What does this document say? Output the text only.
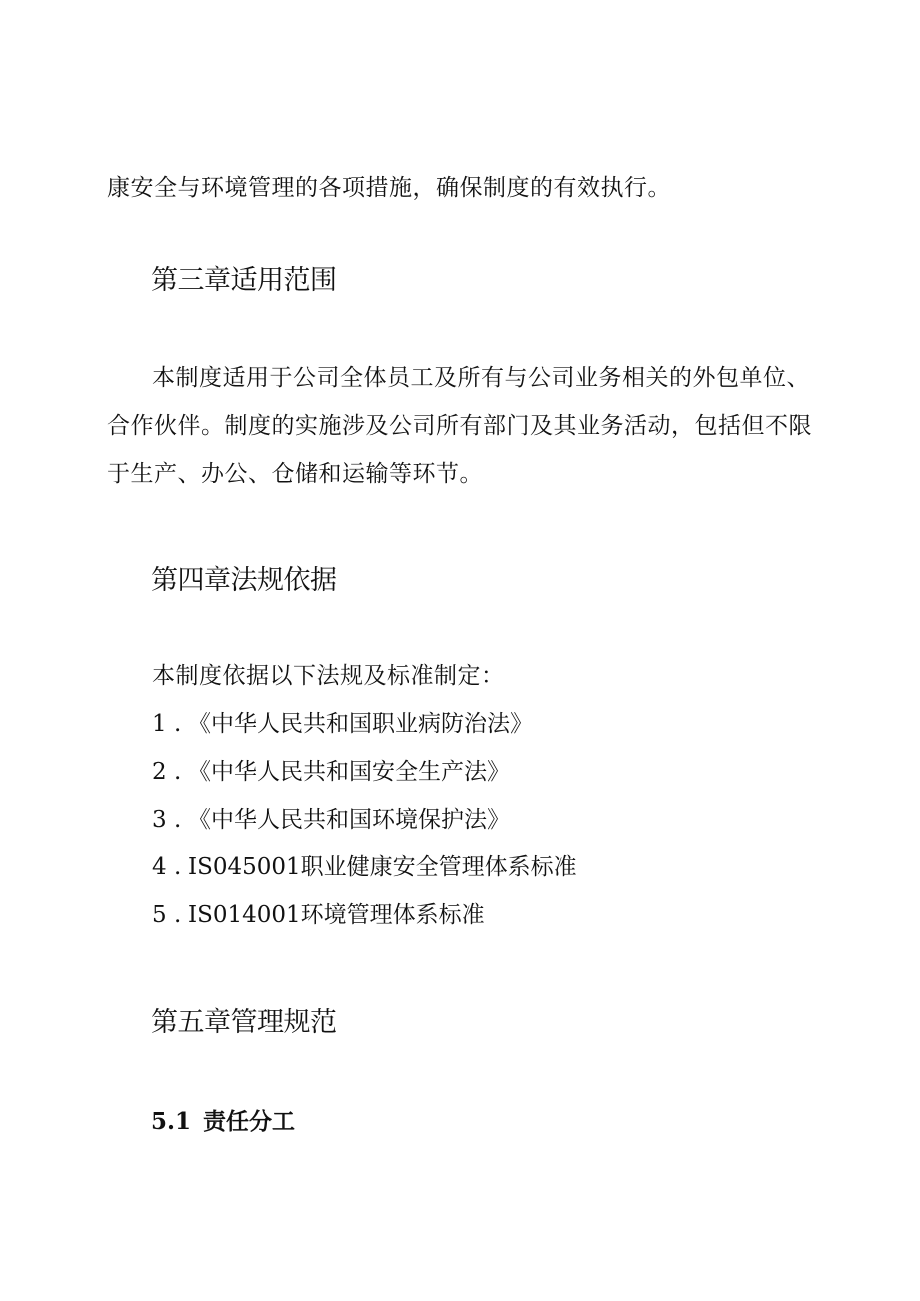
康安全与环境管理的各项措施，确保制度的有效执行。
第三章适用范围
本制度适用于公司全体员工及所有与公司业务相关的外包单位、
合作伙伴。制度的实施涉及公司所有部门及其业务活动，包括但不限
于生产、办公、仓储和运输等环节。
第四章法规依据
本制度依据以下法规及标准制定：
1 . 《中华人民共和国职业病防治法》
2 . 《中华人民共和国安全生产法》
3 . 《中华人民共和国环境保护法》
4 . IS045001职业健康安全管理体系标准
5 . IS014001环境管理体系标准
第五章管理规范
5.1 责任分工
